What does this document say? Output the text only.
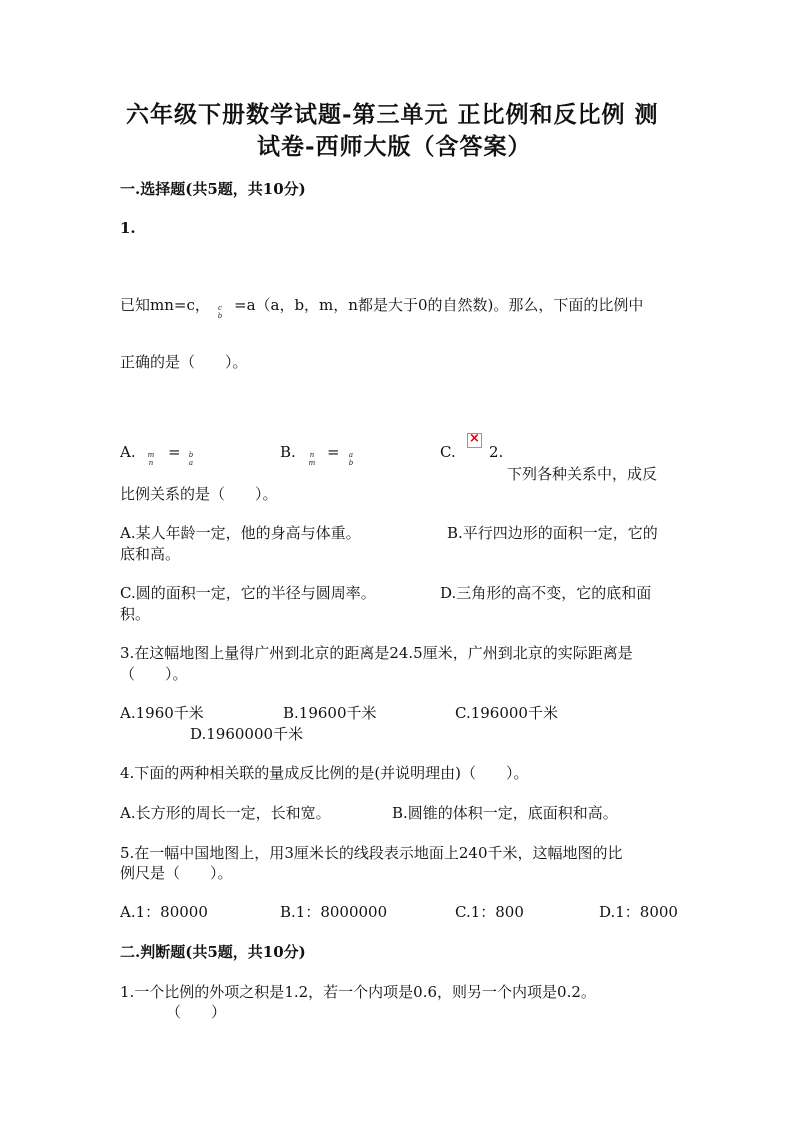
六年级下册数学试题-第三单元 正比例和反比例 测
试卷-西师大版（含答案）
一.选择题(共5题，共10分)
1.
已知mn=c，	c
b
=a（a，b，m，n都是大于0的自然数)。那么，下面的比例中
正确的是（　　）。
A. m
n
=	b
a
B.	n
m
=	a
b
C.
× 2.
下列各种关系中，成反
比例关系的是（　　）。
A.某人年龄一定，他的身高与体重。	B.平行四边形的面积一定，它的
底和高。
C.圆的面积一定，它的半径与圆周率。	D.三角形的高不变，它的底和面
积。
3.在这幅地图上量得广州到北京的距离是24.5厘米，广州到北京的实际距离是
（　　）。
A.1960千米	B.19600千米	C.196000千米
D.1960000千米
4.下面的两种相关联的量成反比例的是(并说明理由)（　　）。
A.长方形的周长一定，长和宽。	B.圆锥的体积一定，底面积和高。
5.在一幅中国地图上，用3厘米长的线段表示地面上240千米，这幅地图的比
例尺是（　　）。
A.1：80000	B.1：8000000	C.1：800	D.1：8000
二.判断题(共5题，共10分)
1.一个比例的外项之积是1.2，若一个内项是0.6，则另一个内项是0.2。
（　　）
